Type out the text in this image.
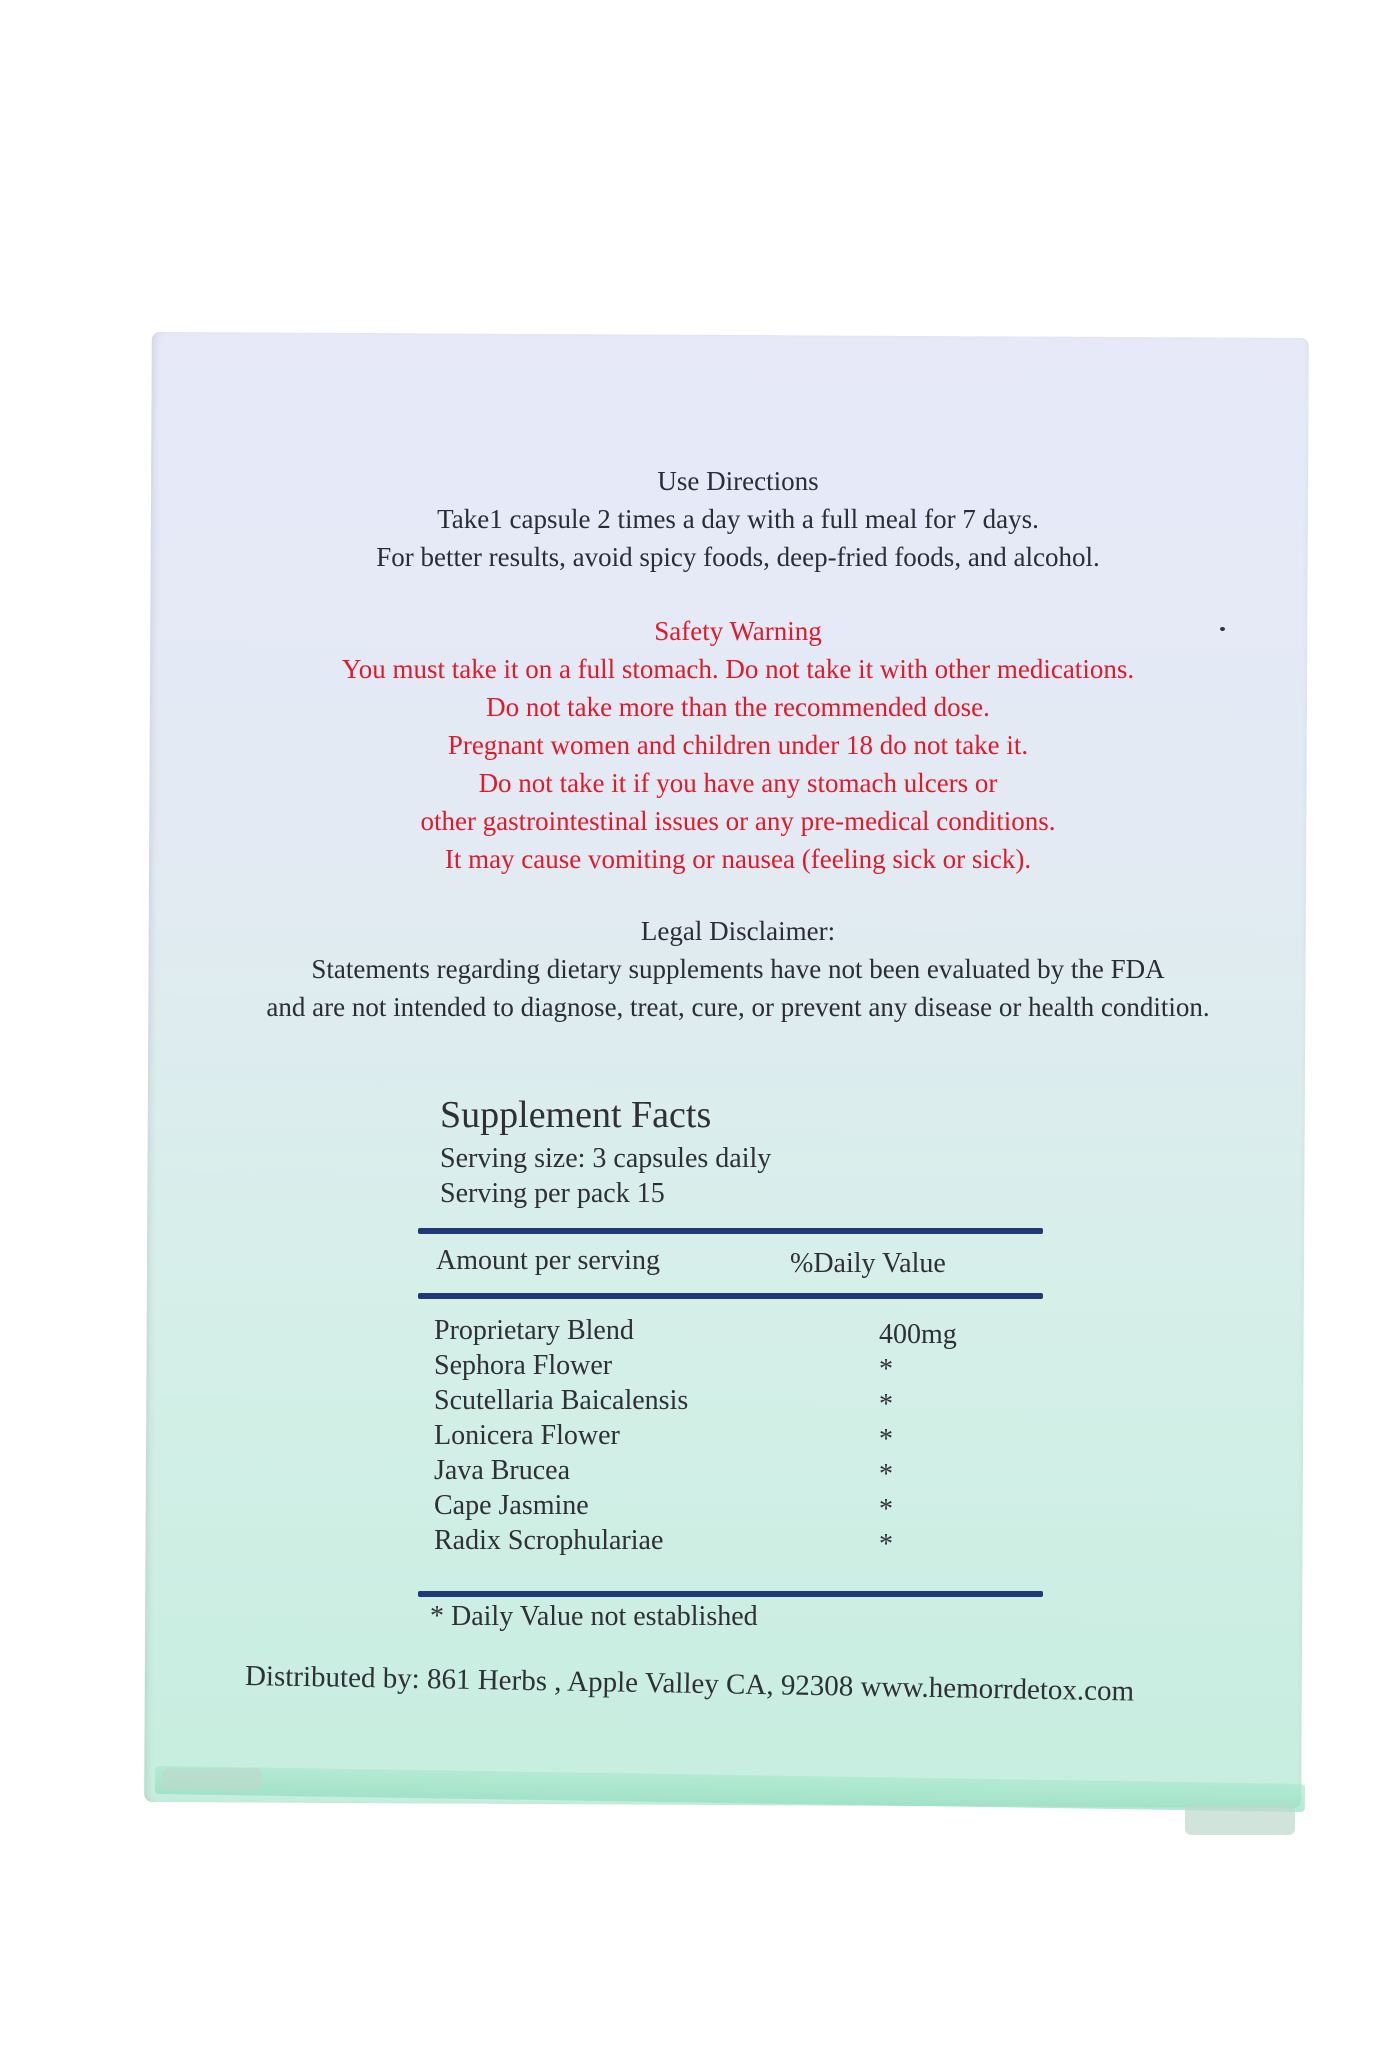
Use Directions
Take1 capsule 2 times a day with a full meal for 7 days.
For better results, avoid spicy foods, deep-fried foods, and alcohol.
Safety Warning
You must take it on a full stomach. Do not take it with other medications.
Do not take more than the recommended dose.
Pregnant women and children under 18 do not take it.
Do not take it if you have any stomach ulcers or
other gastrointestinal issues or any pre-medical conditions.
It may cause vomiting or nausea (feeling sick or sick).
Legal Disclaimer:
Statements regarding dietary supplements have not been evaluated by the FDA
and are not intended to diagnose, treat, cure, or prevent any disease or health condition.
Supplement Facts
Serving size: 3 capsules daily
Serving per pack 15
Amount per serving	%Daily Value
Proprietary Blend	400mg
Sephora Flower	*
Scutellaria Baicalensis	*
Lonicera Flower	*
Java Brucea	*
Cape Jasmine	*
Radix Scrophulariae	*
* Daily Value not established
Distributed by: 861 Herbs , Apple Valley CA, 92308 www.hemorrdetox.com
